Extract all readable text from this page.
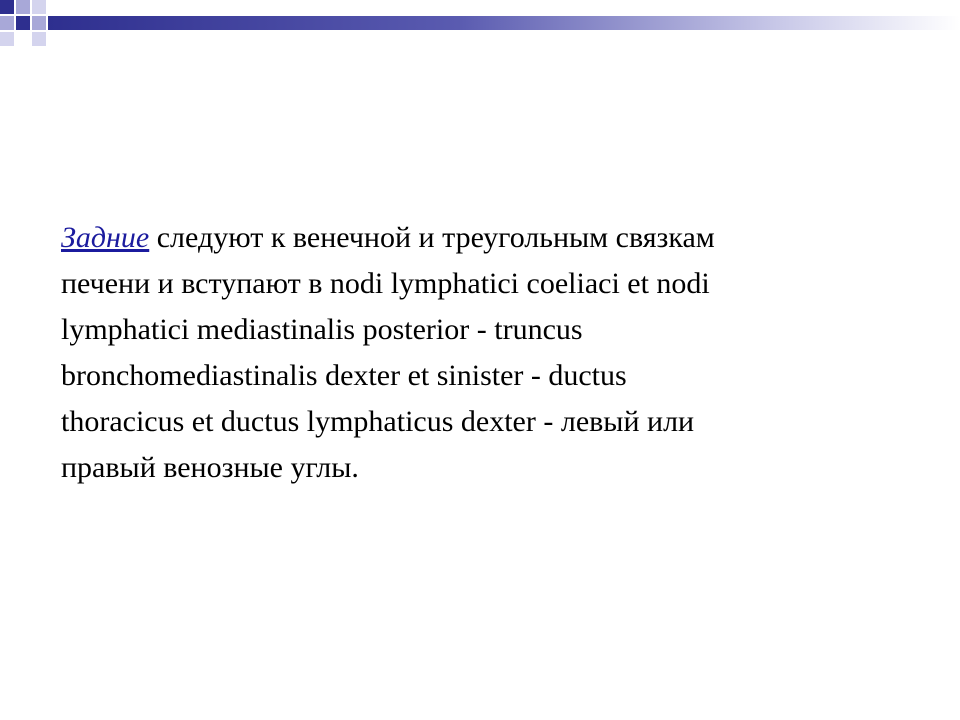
Задние следуют к венечной и треугольным связкам
печени и вступают в nodi lymphatici coeliaci et nodi
lymphatici mediastinalis posterior - truncus
bronchomediastinalis dexter et sinister - ductus
thoracicus et ductus lymphaticus dexter - левый или
правый венозные углы.
